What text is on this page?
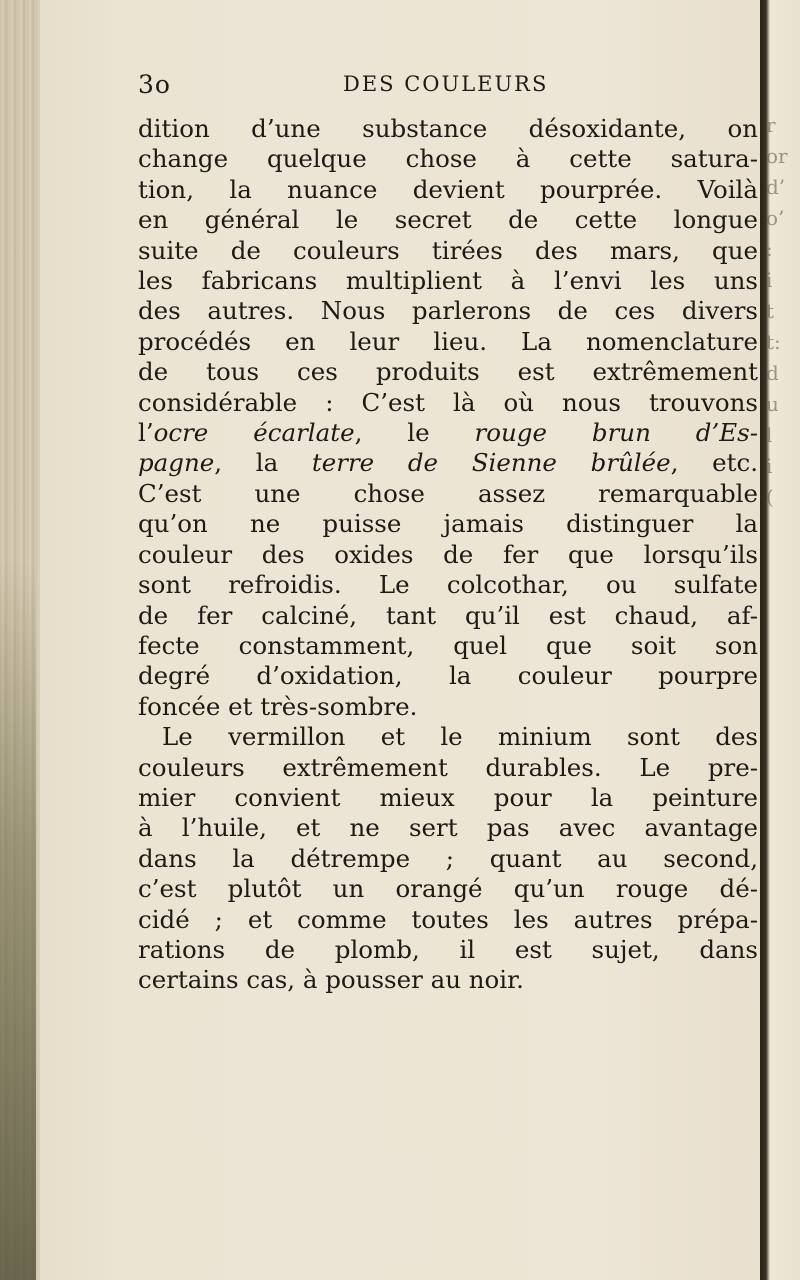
r
or
d’
o’
:
i
t
t:
d
u
l
i
(
3o	DES COULEURS
dition d’une substance désoxidante, on
change quelque chose à cette satura-
tion, la nuance devient pourprée. Voilà
en général le secret de cette longue
suite de couleurs tirées des mars, que
les fabricans multiplient à l’envi les uns
des autres. Nous parlerons de ces divers
procédés en leur lieu. La nomenclature
de tous ces produits est extrêmement
considérable : C’est là où nous trouvons
l’ocre écarlate, le rouge brun d’Es-
pagne, la terre de Sienne brûlée, etc.
C’est une chose assez remarquable
qu’on ne puisse jamais distinguer la
couleur des oxides de fer que lorsqu’ils
sont refroidis. Le colcothar, ou sulfate
de fer calciné, tant qu’il est chaud, af-
fecte constamment, quel que soit son
degré d’oxidation, la couleur pourpre
foncée et très-sombre.
Le vermillon et le minium sont des
couleurs extrêmement durables. Le pre-
mier convient mieux pour la peinture
à l’huile, et ne sert pas avec avantage
dans la détrempe ; quant au second,
c’est plutôt un orangé qu’un rouge dé-
cidé ; et comme toutes les autres prépa-
rations de plomb, il est sujet, dans
certains cas, à pousser au noir.
